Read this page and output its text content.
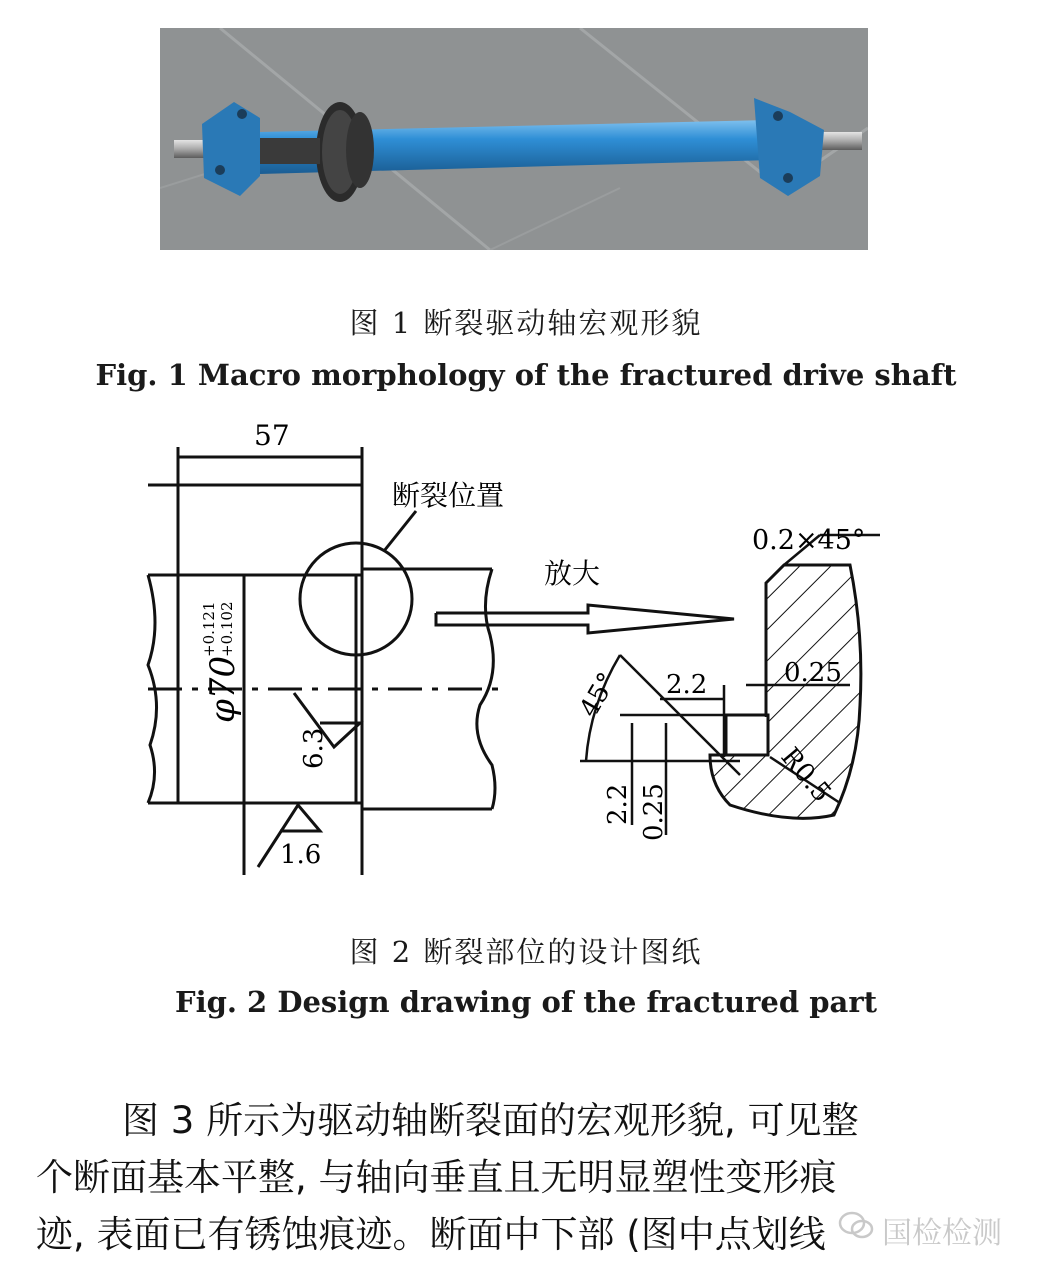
图 1 断裂驱动轴宏观形貌
Fig. 1 Macro morphology of the fractured drive shaft
57
断裂位置
放大
0.2×45°
φ70
+0.121 +0.102
6.3
1.6
45° 2.2	0.25
R0.5
2.2 0.25
图 2 断裂部位的设计图纸
Fig. 2 Design drawing of the fractured part

图 3 所示为驱动轴断裂面的宏观形貌, 可见整

个断面基本平整, 与轴向垂直且无明显塑性变形痕

迹, 表面已有锈蚀痕迹。断面中下部 (图中点划线	国检检测
